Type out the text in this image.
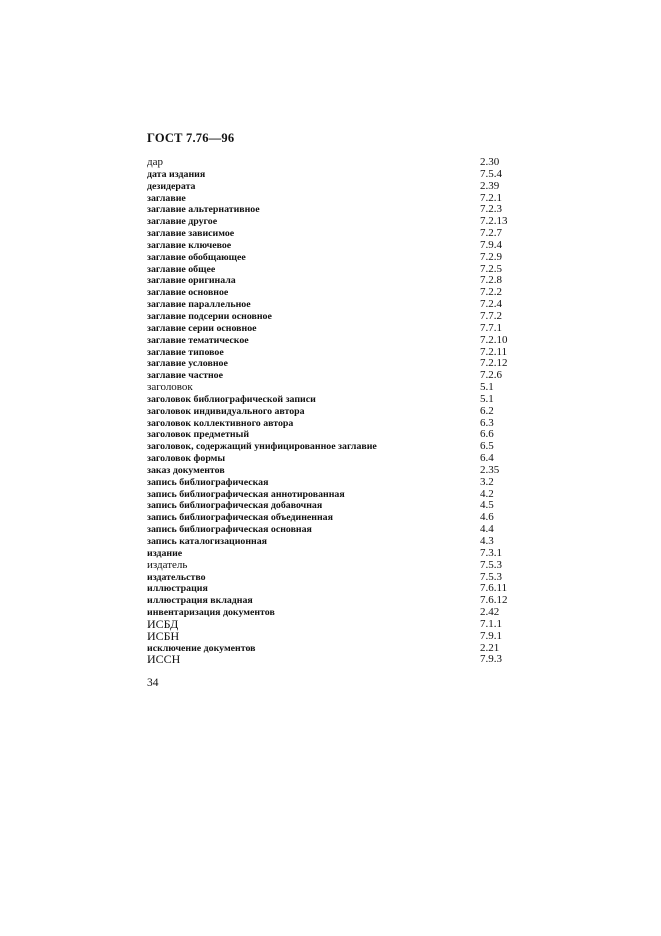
ГОСТ 7.76—96
дар	2.30
дата издания	7.5.4
дезидерата	2.39
заглавие	7.2.1
заглавие альтернативное	7.2.3
заглавие другое	7.2.13
заглавие зависимое	7.2.7
заглавие ключевое	7.9.4
заглавие обобщающее	7.2.9
заглавие общее	7.2.5
заглавие оригинала	7.2.8
заглавие основное	7.2.2
заглавие параллельное	7.2.4
заглавие подсерии основное	7.7.2
заглавие серии основное	7.7.1
заглавие тематическое	7.2.10
заглавие типовое	7.2.11
заглавие условное	7.2.12
заглавие частное	7.2.6
заголовок	5.1
заголовок библиографической записи	5.1
заголовок индивидуального автора	6.2
заголовок коллективного автора	6.3
заголовок предметный	6.6
заголовок, содержащий унифицированное заглавие	6.5
заголовок формы	6.4
заказ документов	2.35
запись библиографическая	3.2
запись библиографическая аннотированная	4.2
запись библиографическая добавочная	4.5
запись библиографическая объединенная	4.6
запись библиографическая основная	4.4
запись каталогизационная	4.3
издание	7.3.1
издатель	7.5.3
издательство	7.5.3
иллюстрация	7.6.11
иллюстрация вкладная	7.6.12
инвентаризация документов	2.42
ИСБД	7.1.1
ИСБН	7.9.1
исключение документов	2.21
ИССН	7.9.3
34
